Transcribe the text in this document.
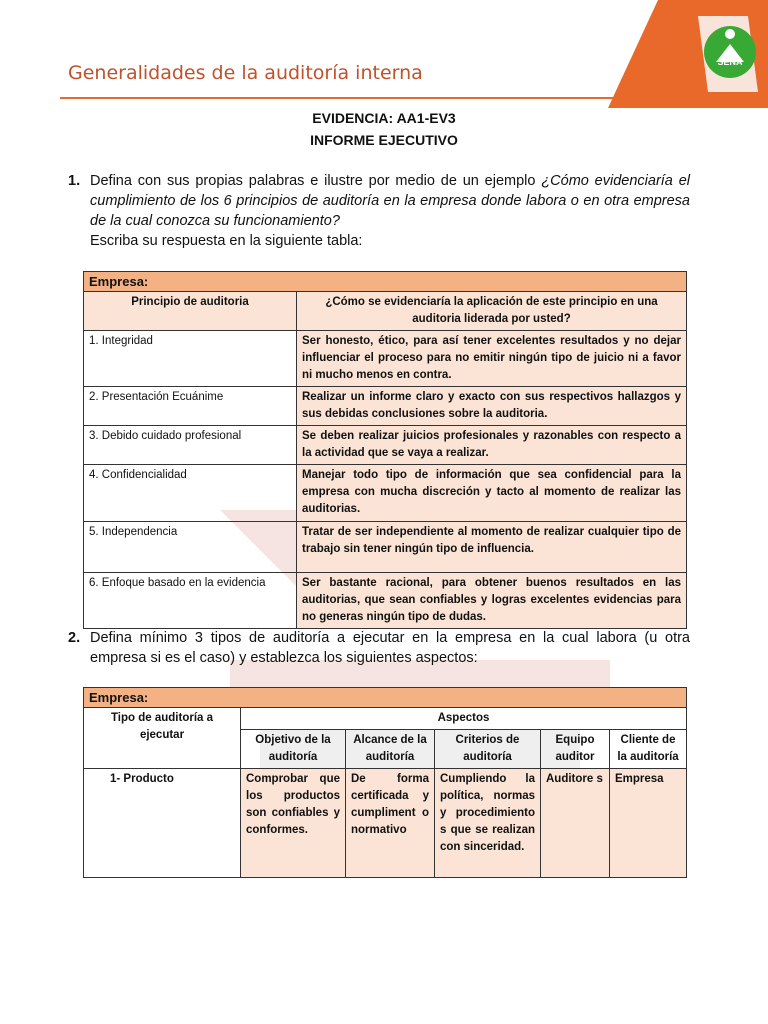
Generalidades de la auditoría interna	SENA
EVIDENCIA: AA1-EV3
INFORME EJECUTIVO
1. Defina con sus propias palabras e ilustre por medio de un ejemplo ¿Cómo evidenciaría el cumplimiento de los 6 principios de auditoría en la empresa donde labora o en otra empresa de la cual conozca su funcionamiento?
Escriba su respuesta en la siguiente tabla:
Empresa:	
Principio de auditoria	¿Cómo se evidenciaría la aplicación de este principio en una auditoria liderada por usted?
1. Integridad	Ser honesto, ético, para así tener excelentes resultados y no dejar influenciar el proceso para no emitir ningún tipo de juicio ni a favor ni mucho menos en contra.
2. Presentación Ecuánime	Realizar un informe claro y exacto con sus respectivos hallazgos y sus debidas conclusiones sobre la auditoria.
3. Debido cuidado profesional	Se deben realizar juicios profesionales y razonables con respecto a la actividad que se vaya a realizar.
4. Confidencialidad	Manejar todo tipo de información que sea confidencial para la empresa con mucha discreción y tacto al momento de realizar las auditorias.
5. Independencia	Tratar de ser independiente al momento de realizar cualquier tipo de trabajo sin tener ningún tipo de influencia.
6. Enfoque basado en la evidencia	Ser bastante racional, para obtener buenos resultados en las auditorias, que sean confiables y logras excelentes evidencias para no generas ningún tipo de dudas.
2. Defina mínimo 3 tipos de auditoría a ejecutar en la empresa en la cual labora (u otra empresa si es el caso) y establezca los siguientes aspectos:
Empresa:					
Tipo de auditoría a ejecutar	Aspectos				
	Objetivo de la auditoría	Alcance de la auditoría	Criterios de auditoría	Equipo auditor	Cliente de la auditoría
1- Producto	Comprobar que los productos son confiables y conformes.	De forma certificada y cumpliment o normativo	Cumpliendo la política, normas y procedimiento s que se realizan con sinceridad.	Auditore s	Empresa
